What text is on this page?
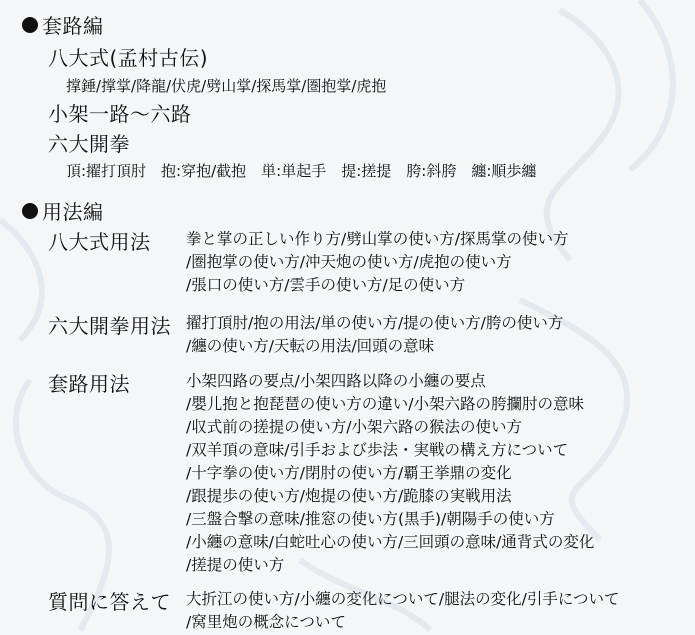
套路編
八大式(孟村古伝)
撑錘/撑掌/降龍/伏虎/劈山掌/探馬掌/圏抱掌/虎抱
小架一路〜六路
六大開拳
頂:擢打頂肘　抱:穿抱/截抱　単:単起手　提:搓提　胯:斜胯　纏:順歩纏
用法編
八大式用法 拳と掌の正しい作り方/劈山掌の使い方/探馬掌の使い方
/圏抱掌の使い方/冲天炮の使い方/虎抱の使い方
/張口の使い方/雲手の使い方/足の使い方
六大開拳用法 擢打頂肘/抱の用法/単の使い方/提の使い方/胯の使い方
/纏の使い方/天転の用法/回頭の意味
套路用法	小架四路の要点/小架四路以降の小纏の要点
/嬰儿抱と抱琵琶の使い方の違い/小架六路の胯攔肘の意味
/収式前の搓提の使い方/小架六路の猴法の使い方
/双羊頂の意味/引手および歩法・実戦の構え方について
/十字拳の使い方/閉肘の使い方/覇王挙鼎の変化
/跟提歩の使い方/炮提の使い方/跪膝の実戦用法
/三盤合撃の意味/推窓の使い方(黒手)/朝陽手の使い方
/小纏の意味/白蛇吐心の使い方/三回頭の意味/通背式の変化
/搓提の使い方
質問に答えて 大折江の使い方/小纏の変化について/腿法の変化/引手について
/窝里炮の概念について
